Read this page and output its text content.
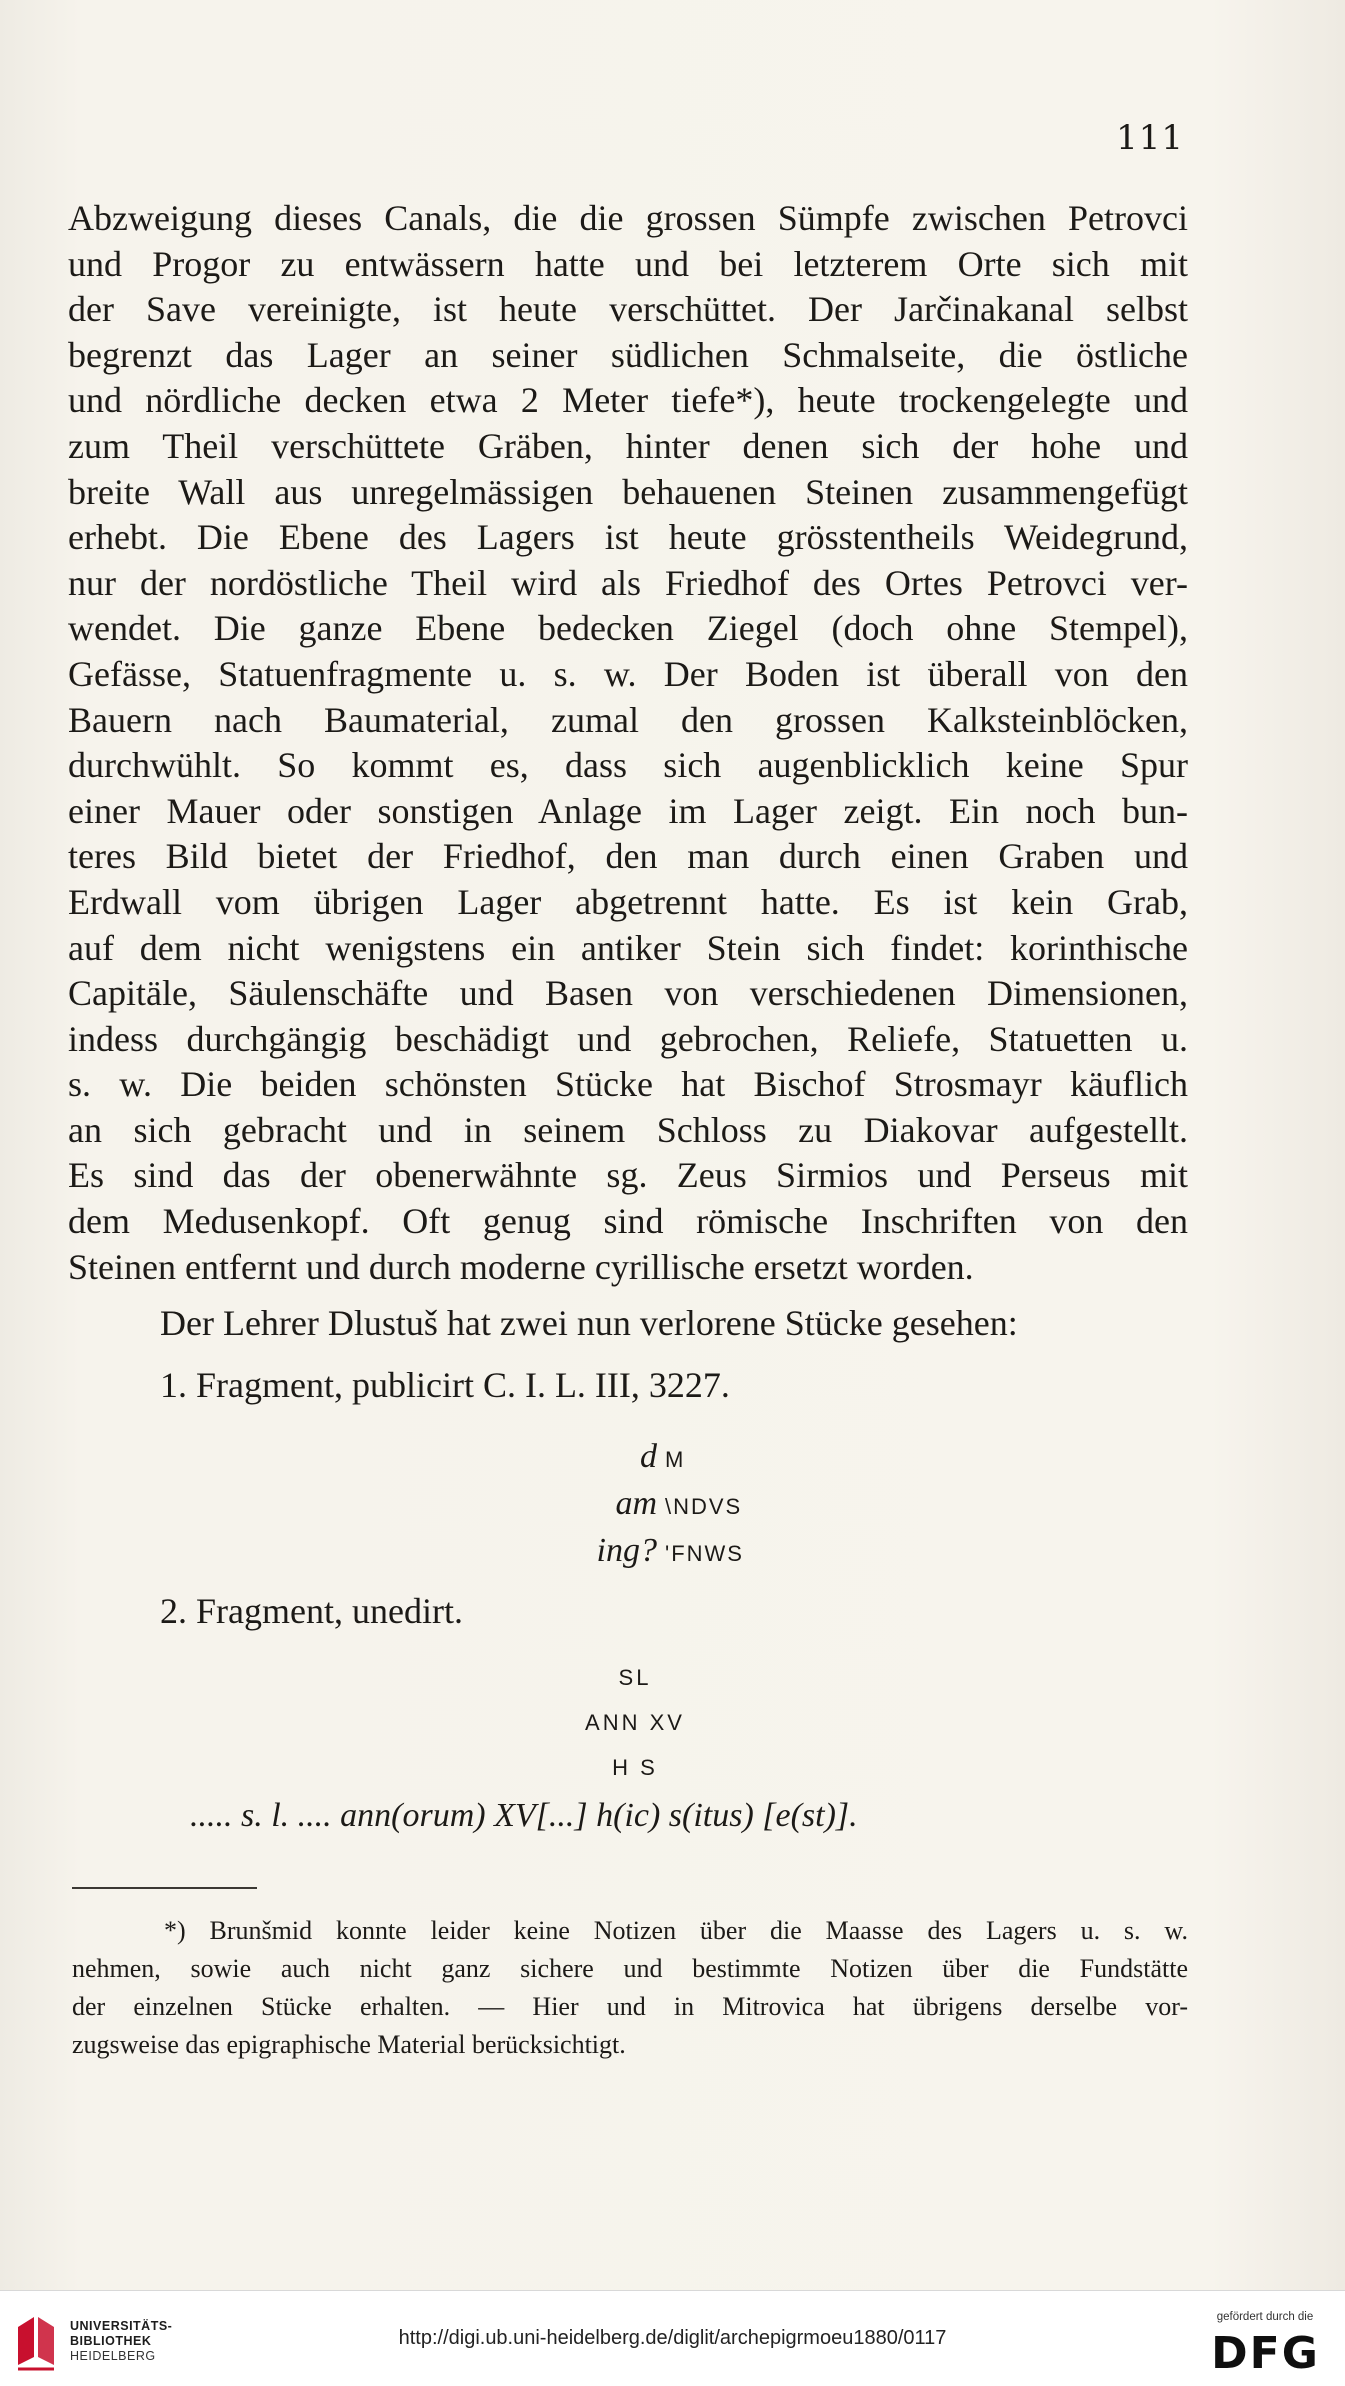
111

Abzweigung dieses Canals, die die grossen Sümpfe zwischen Petrovci

und Progor zu entwässern hatte und bei letzterem Orte sich mit

der Save vereinigte, ist heute verschüttet. Der Jarčinakanal selbst

begrenzt das Lager an seiner südlichen Schmalseite, die östliche

und nördliche decken etwa 2 Meter tiefe*), heute trockengelegte und

zum Theil verschüttete Gräben, hinter denen sich der hohe und

breite Wall aus unregelmässigen behauenen Steinen zusammengefügt

erhebt. Die Ebene des Lagers ist heute grösstentheils Weidegrund,

nur der nordöstliche Theil wird als Friedhof des Ortes Petrovci ver-

wendet. Die ganze Ebene bedecken Ziegel (doch ohne Stempel),

Gefässe, Statuenfragmente u. s. w. Der Boden ist überall von den

Bauern nach Baumaterial, zumal den grossen Kalksteinblöcken,

durchwühlt. So kommt es, dass sich augenblicklich keine Spur

einer Mauer oder sonstigen Anlage im Lager zeigt. Ein noch bun-

teres Bild bietet der Friedhof, den man durch einen Graben und

Erdwall vom übrigen Lager abgetrennt hatte. Es ist kein Grab,

auf dem nicht wenigstens ein antiker Stein sich findet: korinthische

Capitäle, Säulenschäfte und Basen von verschiedenen Dimensionen,

indess durchgängig beschädigt und gebrochen, Reliefe, Statuetten u.

s. w. Die beiden schönsten Stücke hat Bischof Strosmayr käuflich

an sich gebracht und in seinem Schloss zu Diakovar aufgestellt.

Es sind das der obenerwähnte sg. Zeus Sirmios und Perseus mit

dem Medusenkopf. Oft genug sind römische Inschriften von den

Steinen entfernt und durch moderne cyrillische ersetzt worden.

Der Lehrer Dlustuš hat zwei nun verlorene Stücke gesehen:

1. Fragment, publicirt C. I. L. III, 3227.

d M
am \NDVS
ing? 'FNWS

2. Fragment, unedirt.

SL
ANN XV
H S
..... s. l. .... ann(orum) XV[...] h(ic) s(itus) [e(st)].

*) Brunšmid konnte leider keine Notizen über die Maasse des Lagers u. s. w.

nehmen, sowie auch nicht ganz sichere und bestimmte Notizen über die Fundstätte

der einzelnen Stücke erhalten. — Hier und in Mitrovica hat übrigens derselbe vor-

zugsweise das epigraphische Material berücksichtigt.

UNIVERSITÄTS-
BIBLIOTHEK
HEIDELBERG
http://digi.ub.uni-heidelberg.de/diglit/archepigrmoeu1880/0117
gefördert durch die
DFG
